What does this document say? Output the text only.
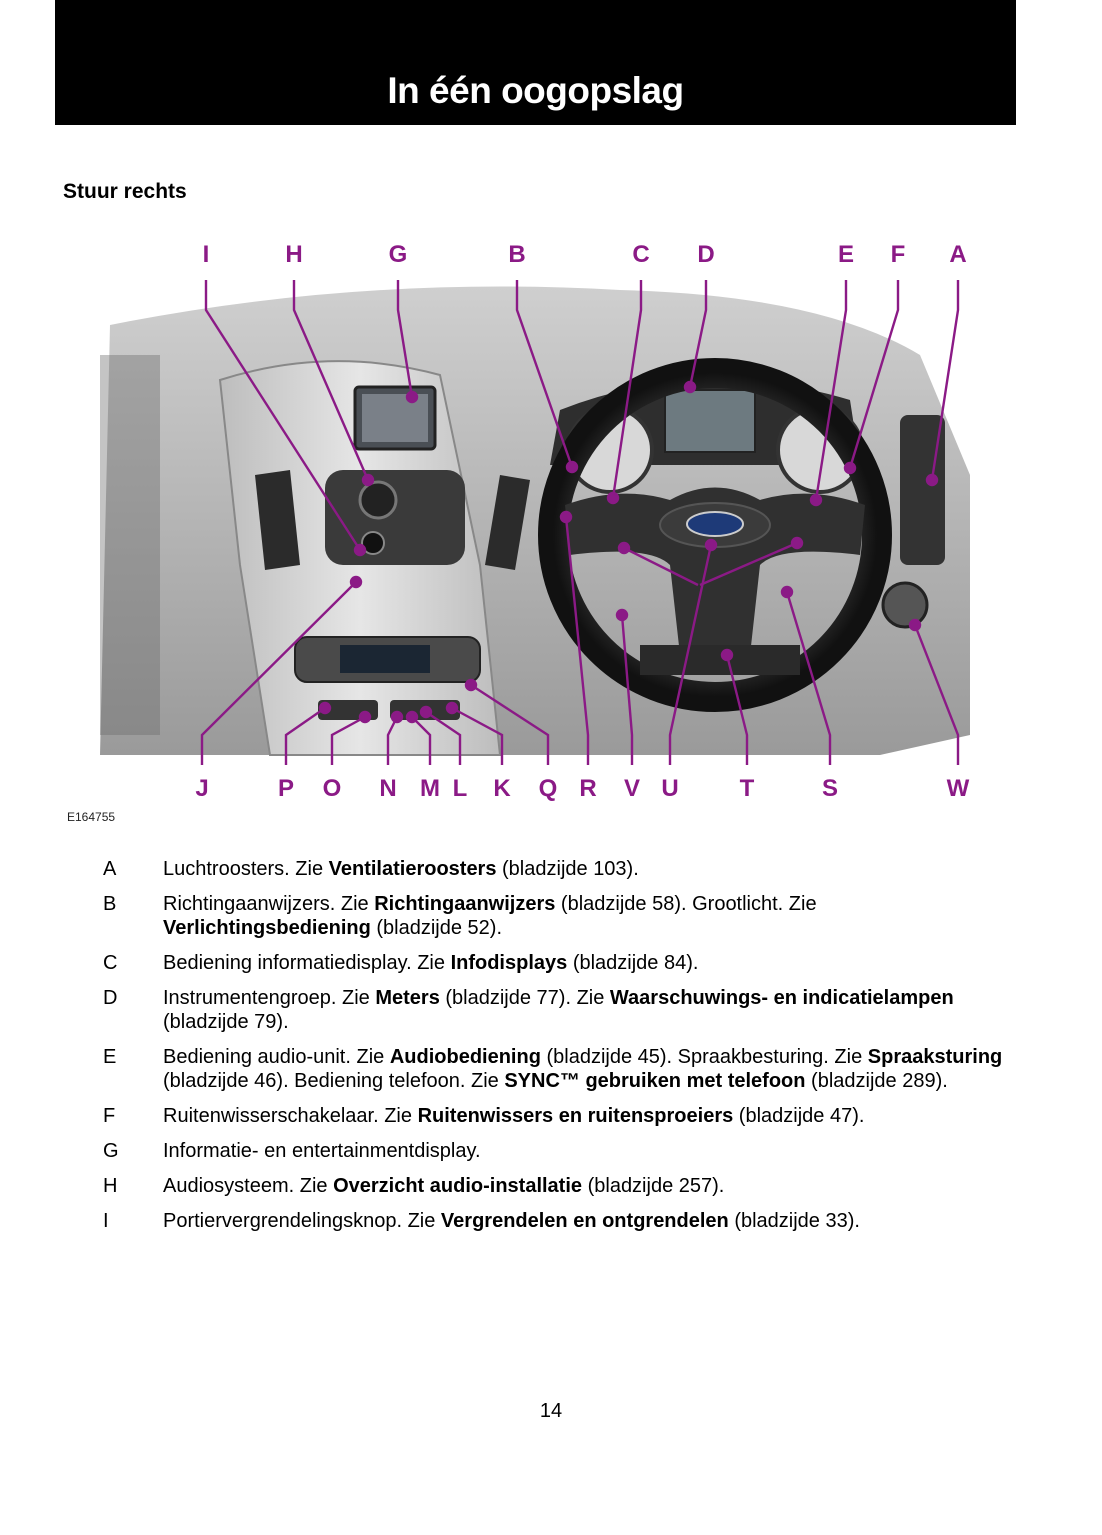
In één oogopslag
Stuur rechts
I	H	G	B	C D	E F A
J	P O N M L K Q R V U	T	S	W
E164755
A	Luchtroosters. Zie Ventilatieroosters (bladzijde 103).
B	Richtingaanwijzers. Zie Richtingaanwijzers (bladzijde 58). Grootlicht. Zie Verlichtingsbediening (bladzijde 52).
C	Bediening informatiedisplay. Zie Infodisplays (bladzijde 84).
D	Instrumentengroep. Zie Meters (bladzijde 77). Zie Waarschuwings- en indicatielampen (bladzijde 79).
E	Bediening audio-unit. Zie Audiobediening (bladzijde 45). Spraakbesturing. Zie Spraaksturing (bladzijde 46). Bediening telefoon. Zie SYNC™ gebruiken met telefoon (bladzijde 289).
F	Ruitenwisserschakelaar. Zie Ruitenwissers en ruitensproeiers (bladzijde 47).
G	Informatie- en entertainmentdisplay.
H	Audiosysteem. Zie Overzicht audio-installatie (bladzijde 257).
I	Portiervergrendelingsknop. Zie Vergrendelen en ontgrendelen (bladzijde 33).
14
